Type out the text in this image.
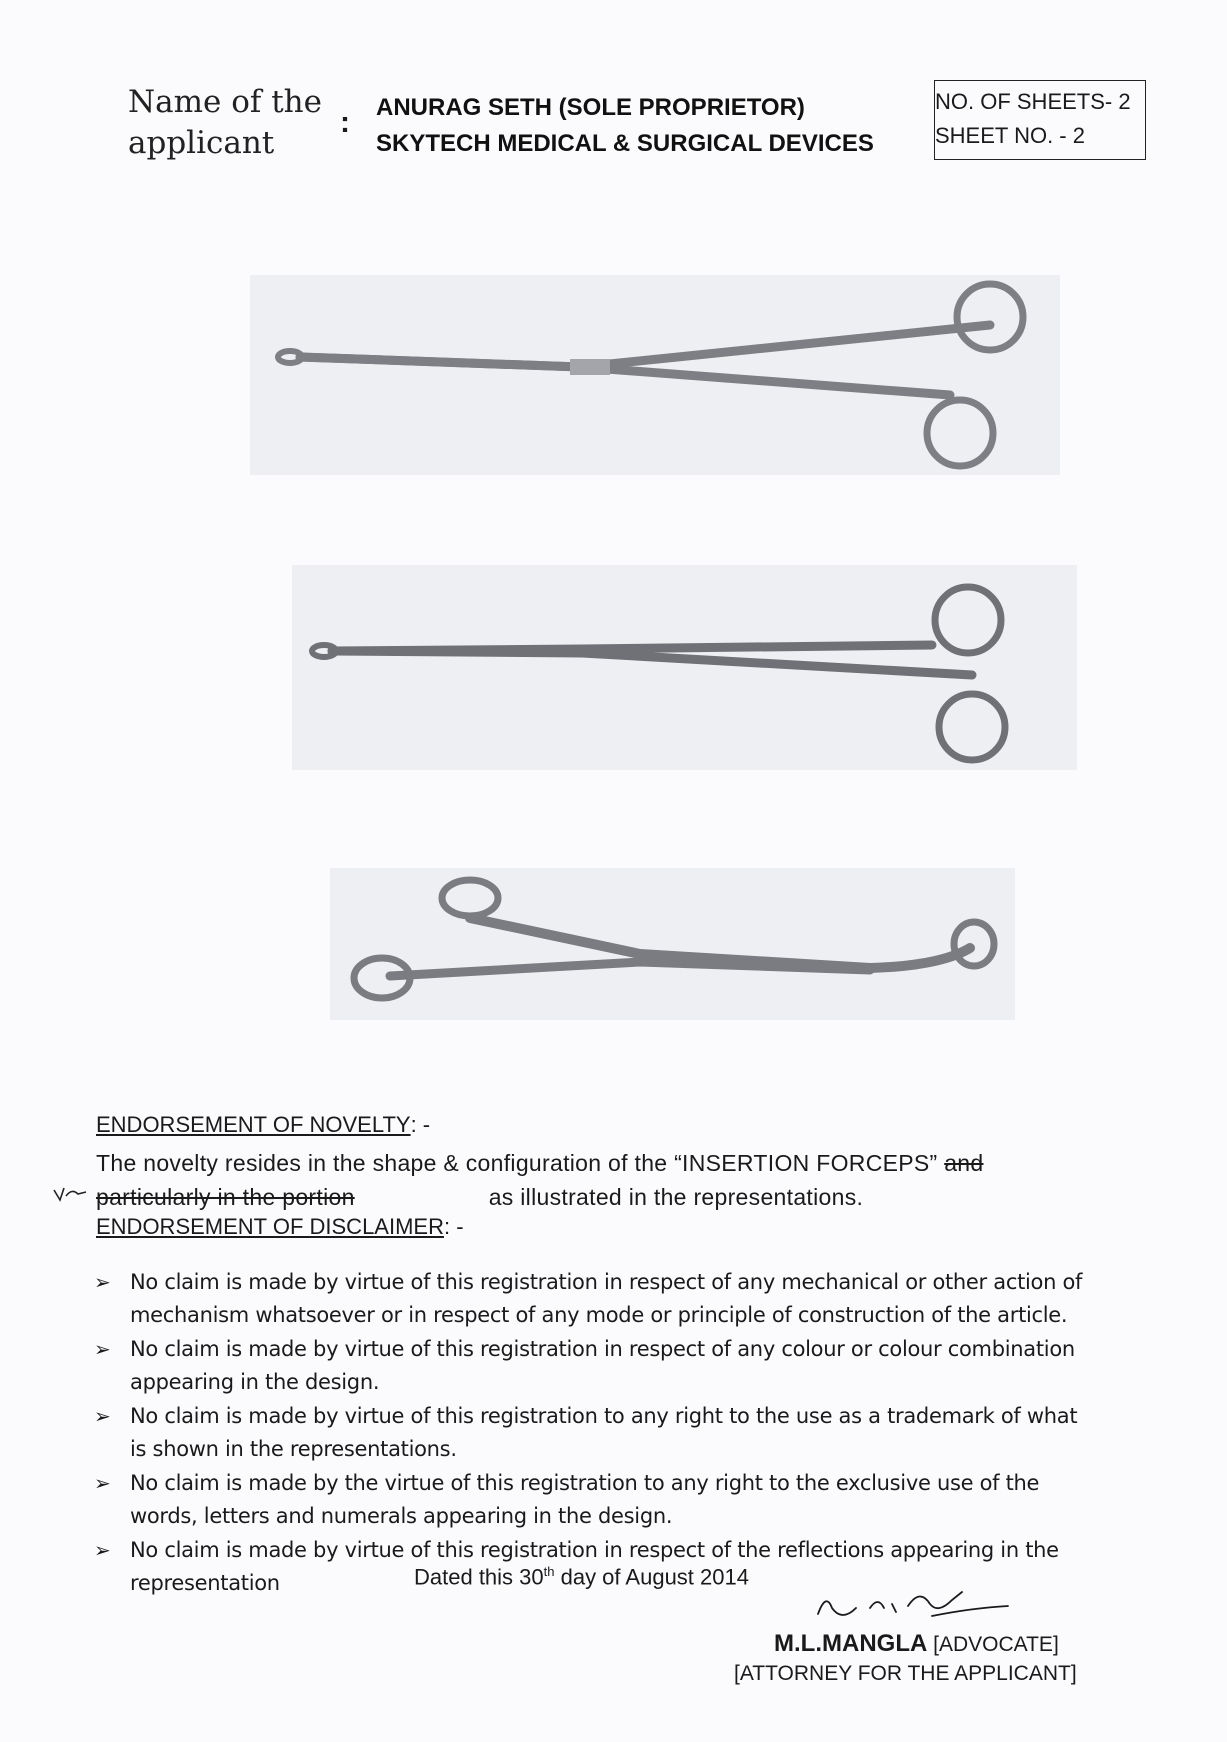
Name of the
applicant
: ANURAG SETH (SOLE PROPRIETOR)
SKYTECH MEDICAL & SURGICAL DEVICES
NO. OF SHEETS- 2
SHEET NO. - 2
ENDORSEMENT OF NOVELTY: -
The novelty resides in the shape & configuration of the “INSERTION FORCEPS” and
particularly in the portion	as illustrated in the representations.
ENDORSEMENT OF DISCLAIMER: -
➢ No claim is made by virtue of this registration in respect of any mechanical or other action of mechanism whatsoever or in respect of any mode or principle of construction of the article.
➢ No claim is made by virtue of this registration in respect of any colour or colour combination appearing in the design.
➢ No claim is made by virtue of this registration to any right to the use as a trademark of what is shown in the representations.
➢ No claim is made by the virtue of this registration to any right to the exclusive use of the words, letters and numerals appearing in the design.
➢ No claim is made by virtue of this registration in respect of the reflections appearing in the representation	Dated this 30th day of August 2014
M.L.MANGLA [ADVOCATE]
[ATTORNEY FOR THE APPLICANT]
